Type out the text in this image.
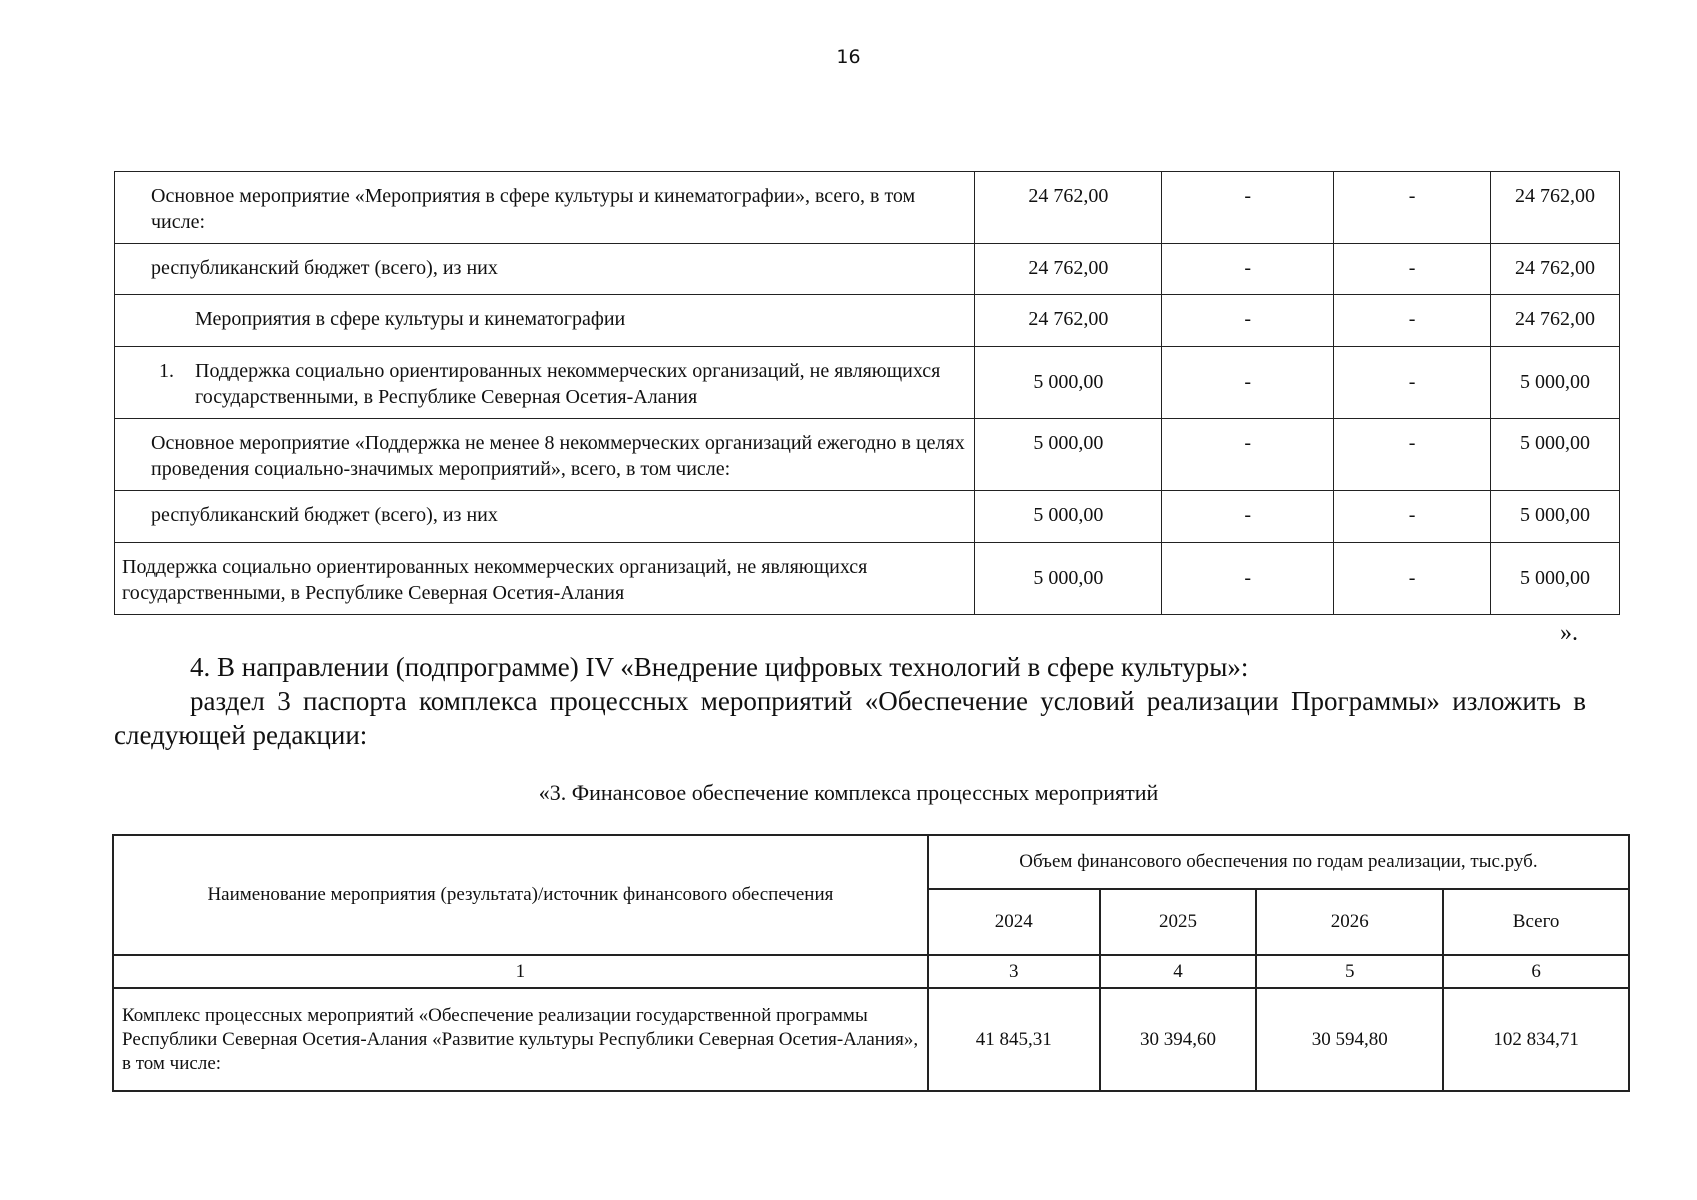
16
Основное мероприятие «Мероприятия в сфере культуры и кинематографии», всего, в том числе:	24 762,00	-	-	24 762,00
республиканский бюджет (всего), из них	24 762,00	-	-	24 762,00
Мероприятия в сфере культуры и кинематографии	24 762,00	-	-	24 762,00

1. Поддержка социально ориентированных некоммерческих организаций, не являющихся государственными, в Республике Северная Осетия-Алания	5 000,00	-	-	5 000,00
Основное мероприятие «Поддержка не менее 8 некоммерческих организаций ежегодно в целях проведения социально-значимых мероприятий», всего, в том числе:	5 000,00	-	-	5 000,00
республиканский бюджет (всего), из них	5 000,00	-	-	5 000,00
Поддержка социально ориентированных некоммерческих организаций, не являющихся государственными, в Республике Северная Осетия-Алания	5 000,00	-	-	5 000,00
».
4. В направлении (подпрограмме) IV «Внедрение цифровых технологий в сфере культуры»:
раздел 3 паспорта комплекса процессных мероприятий «Обеспечение условий реализации Программы» изложить в следующей редакции:
«3. Финансовое обеспечение комплекса процессных мероприятий
Наименование мероприятия (результата)/источник финансового обеспечения	Объем финансового обеспечения по годам реализации, тыс.руб.			
	2024	2025	2026	Всего
1	3	4	5	6
Комплекс процессных мероприятий «Обеспечение реализации государственной программы Республики Северная Осетия-Алания «Развитие культуры Республики Северная Осетия-Алания», в том числе:	41 845,31	30 394,60	30 594,80	102 834,71
